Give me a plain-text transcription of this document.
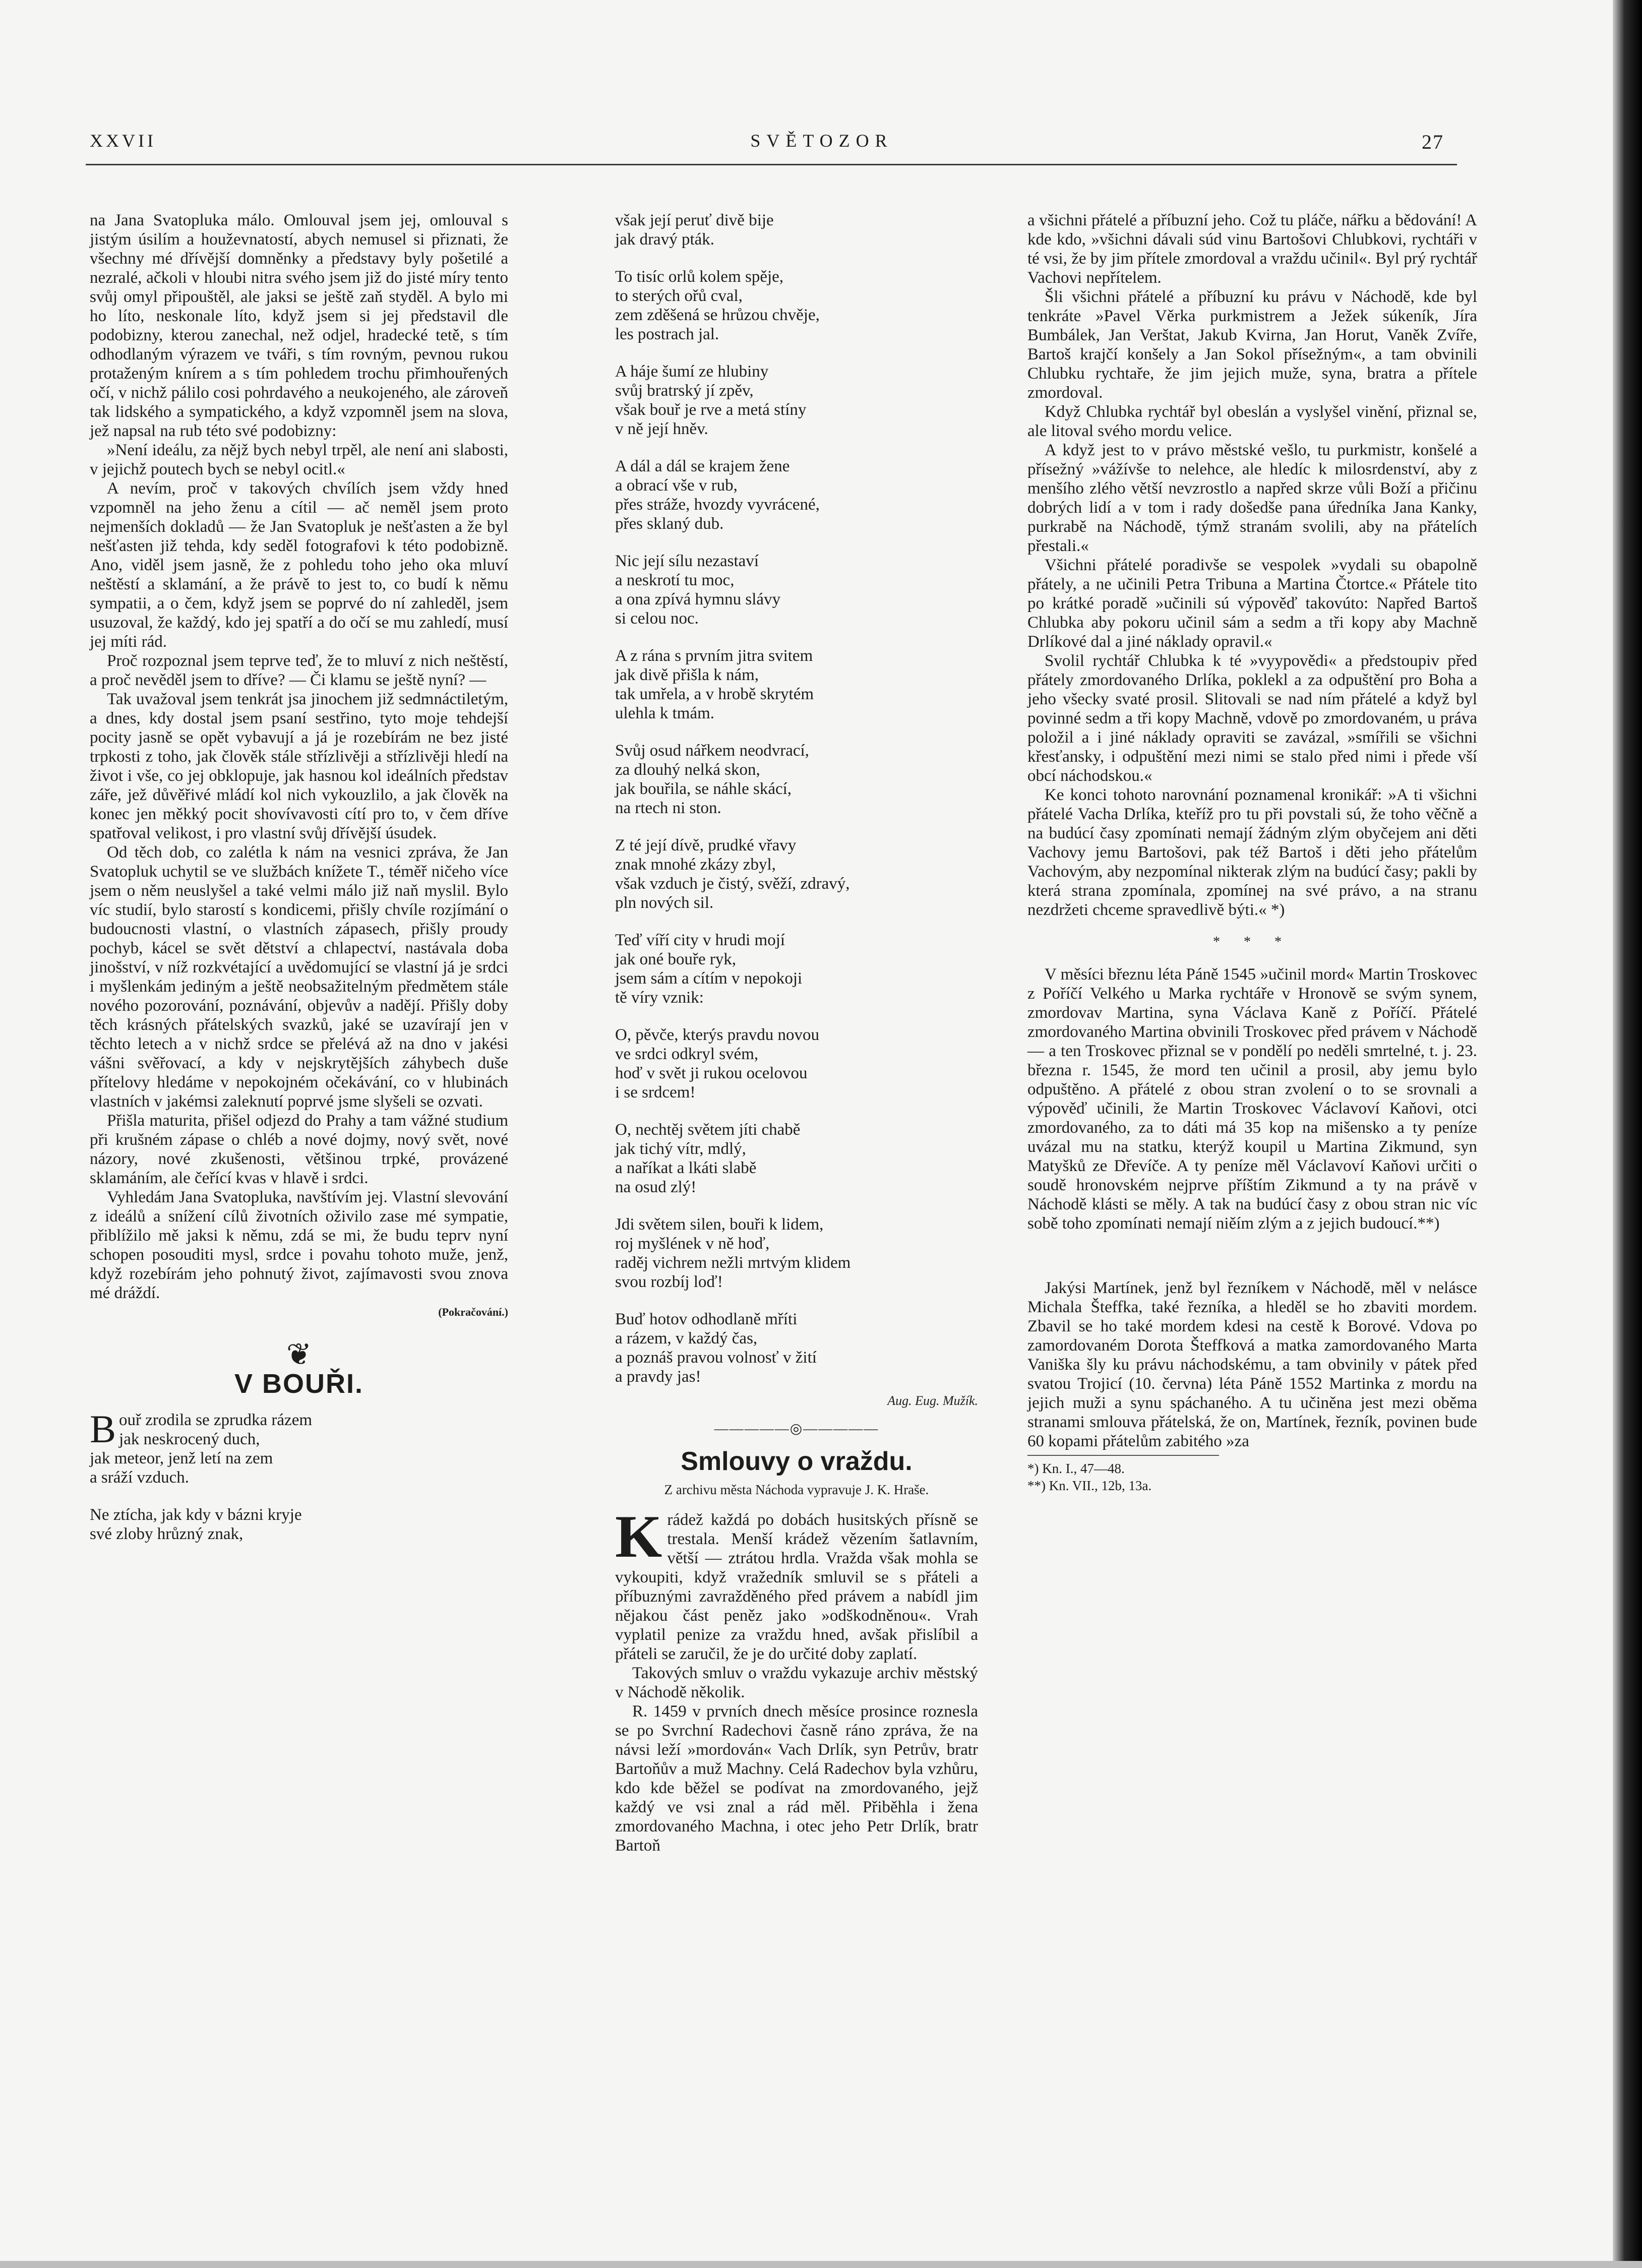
XXVII	SVĚTOZOR	27

na Jana Svatopluka málo. Omlouval jsem jej, omlouval s jistým úsilím a houževnatostí, abych nemusel si přiznati, že všechny mé dřívější domněnky a představy byly pošetilé a nezralé, ačkoli v hloubi nitra svého jsem již do jisté míry tento svůj omyl připouštěl, ale jaksi se ještě zaň styděl. A bylo mi ho líto, neskonale líto, když jsem si jej představil dle podobizny, kterou zanechal, než odjel, hradecké tetě, s tím odhodlaným výrazem ve tváři, s tím rovným, pevnou rukou protaženým knírem a s tím pohledem trochu přimhouřených očí, v nichž pálilo cosi pohrdavého a neukojeného, ale zároveň tak lidského a sympatického, a když vzpomněl jsem na slova, jež napsal na rub této své podobizny:

»Není ideálu, za nějž bych nebyl trpěl, ale není ani slabosti, v jejichž poutech bych se nebyl ocitl.«

A nevím, proč v takových chvílích jsem vždy hned vzpomněl na jeho ženu a cítil — ač neměl jsem proto nejmenších dokladů — že Jan Svatopluk je nešťasten a že byl nešťasten již tehda, kdy seděl fotografovi k této podobizně. Ano, viděl jsem jasně, že z pohledu toho jeho oka mluví neštěstí a sklamání, a že právě to jest to, co budí k němu sympatii, a o čem, když jsem se poprvé do ní zahleděl, jsem usuzoval, že každý, kdo jej spatří a do očí se mu zahledí, musí jej míti rád.

Proč rozpoznal jsem teprve teď, že to mluví z nich neštěstí, a proč nevěděl jsem to dříve? — Či klamu se ještě nyní? —

Tak uvažoval jsem tenkrát jsa jinochem již sedmnáctiletým, a dnes, kdy dostal jsem psaní sestřino, tyto moje tehdejší pocity jasně se opět vybavují a já je rozebírám ne bez jisté trpkosti z toho, jak člověk stále střízlivěji a střízlivěji hledí na život i vše, co jej obklopuje, jak hasnou kol ideálních představ záře, jež důvěřivé mládí kol nich vykouzlilo, a jak člověk na konec jen měkký pocit shovívavosti cítí pro to, v čem dříve spatřoval velikost, i pro vlastní svůj dřívější úsudek.

Od těch dob, co zalétla k nám na vesnici zpráva, že Jan Svatopluk uchytil se ve službách knížete T., téměř ničeho více jsem o něm neuslyšel a také velmi málo již naň myslil. Bylo víc studií, bylo starostí s kondicemi, přišly chvíle rozjímání o budoucnosti vlastní, o vlastních zápasech, přišly proudy pochyb, kácel se svět dětství a chlapectví, nastávala doba jinošství, v níž rozkvétající a uvědomující se vlastní já je srdci i myšlenkám jediným a ještě neobsažitelným předmětem stále nového pozorování, poznávání, objevův a nadějí. Přišly doby těch krásných přátelských svazků, jaké se uzavírají jen v těchto letech a v nichž srdce se přelévá až na dno v jakési vášni svěřovací, a kdy v nejskrytějších záhybech duše přítelovy hledáme v nepokojném očekávání, co v hlubinách vlastních v jakémsi zaleknutí poprvé jsme slyšeli se ozvati.

Přišla maturita, přišel odjezd do Prahy a tam vážné studium při krušném zápase o chléb a nové dojmy, nový svět, nové názory, nové zkušenosti, většinou trpké, provázené sklamáním, ale čeřící kvas v hlavě i srdci.

Vyhledám Jana Svatopluka, navštívím jej. Vlastní slevování z ideálů a snížení cílů životních oživilo zase mé sympatie, přiblížilo mě jaksi k němu, zdá se mi, že budu teprv nyní schopen posouditi mysl, srdce i povahu tohoto muže, jenž, když rozebírám jeho pohnutý život, zajímavosti svou znova mé dráždí.

(Pokračování.)
❦
V BOUŘI.
Bouř zrodila se zprudka rázem
jak neskrocený duch,
jak meteor, jenž letí na zem
a sráží vzduch.
Ne ztícha, jak kdy v bázni kryje
své zloby hrůzný znak,
však její peruť divě bije
jak dravý pták.
To tisíc orlů kolem spěje,
to sterých ořů cval,
zem zděšená se hrůzou chvěje,
les postrach jal.
A háje šumí ze hlubiny
svůj bratrský jí zpěv,
však bouř je rve a metá stíny
v ně její hněv.
A dál a dál se krajem žene
a obrací vše v rub,
přes stráže, hvozdy vyvrácené,
přes sklaný dub.
Nic její sílu nezastaví
a neskrotí tu moc,
a ona zpívá hymnu slávy
si celou noc.
A z rána s prvním jitra svitem
jak divě přišla k nám,
tak umřela, a v hrobě skrytém
ulehla k tmám.
Svůj osud nářkem neodvrací,
za dlouhý nelká skon,
jak bouřila, se náhle skácí,
na rtech ni ston.
Z té její dívě, prudké vřavy
znak mnohé zkázy zbyl,
však vzduch je čistý, svěží, zdravý,
pln nových sil.
Teď víří city v hrudi mojí
jak oné bouře ryk,
jsem sám a cítím v nepokoji
tě víry vznik:
O, pěvče, kterýs pravdu novou
ve srdci odkryl svém,
hoď v svět ji rukou ocelovou
i se srdcem!
O, nechtěj světem jíti chabě
jak tichý vítr, mdlý,
a naříkat a lkáti slabě
na osud zlý!
Jdi světem silen, bouři k lidem,
roj myšlének v ně hoď,
raděj vichrem nežli mrtvým klidem
svou rozbíj loď!
Buď hotov odhodlaně mříti
a rázem, v každý čas,
a poznáš pravou volnosť v žití
a pravdy jas!
Aug. Eug. Mužík.
—————◎—————
Smlouvy o vraždu.
Z archivu města Náchoda vypravuje J. K. Hraše.

Krádež každá po dobách husitských přísně se trestala. Menší krádež vězením šatlavním, větší — ztrátou hrdla. Vražda však mohla se vykoupiti, když vražedník smluvil se s přáteli a příbuznými zavražděného před právem a nabídl jim nějakou část peněz jako »odškodněnou«. Vrah vyplatil penize za vraždu hned, avšak přislíbil a přáteli se zaručil, že je do určité doby zaplatí.

Takových smluv o vraždu vykazuje archiv městský v Náchodě několik.

R. 1459 v prvních dnech měsíce prosince roznesla se po Svrchní Radechovi časně ráno zpráva, že na návsi leží »mordován« Vach Drlík, syn Petrův, bratr Bartoňův a muž Machny. Celá Radechov byla vzhůru, kdo kde běžel se podívat na zmordovaného, jejž každý ve vsi znal a rád měl. Přiběhla i žena zmordovaného Machna, i otec jeho Petr Drlík, bratr Bartoň

a všichni přátelé a příbuzní jeho. Což tu pláče, nářku a bědování! A kde kdo, »všichni dávali súd vinu Bartošovi Chlubkovi, rychtáři v té vsi, že by jim přítele zmordoval a vraždu učinil«. Byl prý rychtář Vachovi nepřítelem.

Šli všichni přátelé a příbuzní ku právu v Náchodě, kde byl tenkráte »Pavel Věrka purkmistrem a Ježek súkeník, Jíra Bumbálek, Jan Verštat, Jakub Kvirna, Jan Horut, Vaněk Zvíře, Bartoš krajčí konšely a Jan Sokol přísežným«, a tam obvinili Chlubku rychtaře, že jim jejich muže, syna, bratra a přítele zmordoval.

Když Chlubka rychtář byl obeslán a vyslyšel vinění, přiznal se, ale litoval svého mordu velice.

A když jest to v právo městské vešlo, tu purkmistr, konšelé a přísežný »vážívše to nelehce, ale hledíc k milosrdenství, aby z menšího zlého větší nevzrostlo a napřed skrze vůli Boží a přičinu dobrých lidí a v tom i rady došedše pana úředníka Jana Kanky, purkrabě na Náchodě, týmž stranám svolili, aby na přátelích přestali.«

Všichni přátelé poradivše se vespolek »vydali su obapolně přátely, a ne učinili Petra Tribuna a Martina Čtortce.« Přátele tito po krátké poradě »učinili sú výpověď takovúto: Napřed Bartoš Chlubka aby pokoru učinil sám a sedm a tři kopy aby Machně Drlíkové dal a jiné náklady opravil.«

Svolil rychtář Chlubka k té »vyypovědi« a předstoupiv před přátely zmordovaného Drlíka, poklekl a za odpuštění pro Boha a jeho všecky svaté prosil. Slitovali se nad ním přátelé a když byl povinné sedm a tři kopy Machně, vdově po zmordovaném, u práva položil a i jiné náklady opraviti se zavázal, »smířili se všichni křesťansky, i odpuštění mezi nimi se stalo před nimi i přede vší obcí náchodskou.«

Ke konci tohoto narovnání poznamenal kronikář: »A ti všichni přátelé Vacha Drlíka, kteříž pro tu při povstali sú, že toho věčně a na budúcí časy zpomínati nemají žádným zlým obyčejem ani děti Vachovy jemu Bartošovi, pak též Bartoš i děti jeho přátelům Vachovým, aby nezpomínal nikterak zlým na budúcí časy; pakli by která strana zpomínala, zpomínej na své právo, a na stranu nezdržeti chceme spravedlivě býti.« *)

* * *

V měsíci březnu léta Páně 1545 »učinil mord« Martin Troskovec z Poříčí Velkého u Marka rychtáře v Hronově se svým synem, zmordovav Martina, syna Václava Kaně z Poříčí. Přátelé zmordovaného Martina obvinili Troskovec před právem v Náchodě — a ten Troskovec přiznal se v pondělí po neděli smrtelné, t. j. 23. března r. 1545, že mord ten učinil a prosil, aby jemu bylo odpuštěno. A přátelé z obou stran zvolení o to se srovnali a výpověď učinili, že Martin Troskovec Václavoví Kaňovi, otci zmordovaného, za to dáti má 35 kop na mišensko a ty peníze uvázal mu na statku, kterýž koupil u Martina Zikmund, syn Matyšků ze Dřevíče. A ty peníze měl Václavoví Kaňovi určiti o soudě hronovském nejprve příštím Zikmund a ty na právě v Náchodě klásti se měly. A tak na budúcí časy z obou stran nic víc sobě toho zpomínati nemají niěím zlým a z jejich budoucí.**)

Jakýsi Martínek, jenž byl řezníkem v Náchodě, měl v nelásce Michala Šteffka, také řezníka, a hleděl se ho zbaviti mordem. Zbavil se ho také mordem kdesi na cestě k Borové. Vdova po zamordovaném Dorota Šteffková a matka zamordovaného Marta Vaniška šly ku právu náchodskému, a tam obvinily v pátek před svatou Trojicí (10. června) léta Páně 1552 Martinka z mordu na jejich muži a synu spáchaného. A tu učiněna jest mezi oběma stranami smlouva přátelská, že on, Martínek, řezník, povinen bude 60 kopami přátelům zabitého »za

*) Kn. I., 47—48.
**) Kn. VII., 12b, 13a.
